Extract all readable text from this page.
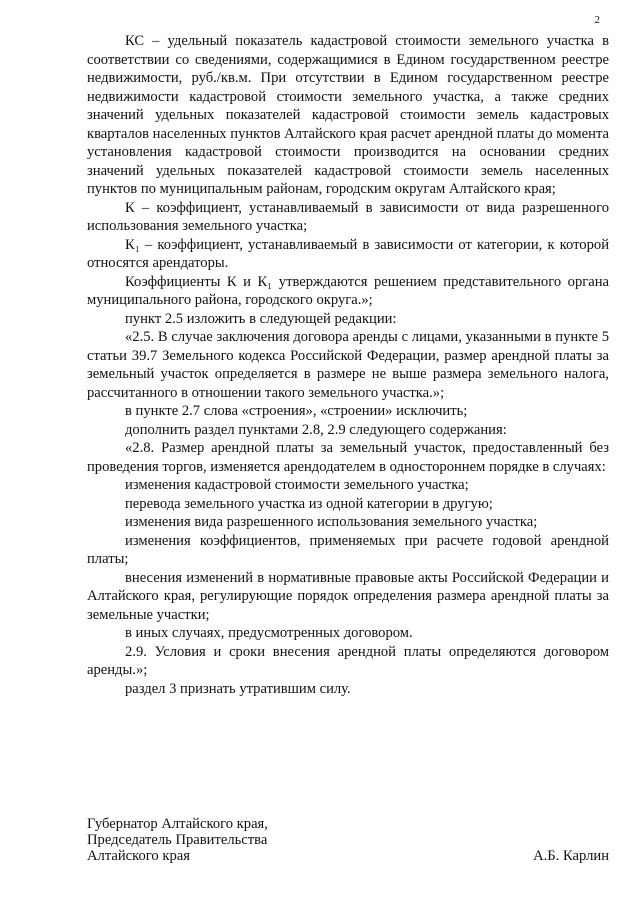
2

КС – удельный показатель кадастровой стоимости земельного участка в соответствии со сведениями, содержащимися в Едином государственном реестре недвижимости, руб./кв.м. При отсутствии в Едином государственном реестре недвижимости кадастровой стоимости земельного участка, а также средних значений удельных показателей кадастровой стоимости земель кадастровых кварталов населенных пунктов Алтайского края расчет арендной платы до момента установления кадастровой стоимости производится на основании средних значений удельных показателей кадастровой стоимости земель населенных пунктов по муниципальным районам, городским округам Алтайского края;

К – коэффициент, устанавливаемый в зависимости от вида разрешенного использования земельного участка;

К₁ – коэффициент, устанавливаемый в зависимости от категории, к которой относятся арендаторы.

Коэффициенты К и К₁ утверждаются решением представительного органа муниципального района, городского округа.»;

пункт 2.5 изложить в следующей редакции:

«2.5. В случае заключения договора аренды с лицами, указанными в пункте 5 статьи 39.7 Земельного кодекса Российской Федерации, размер арендной платы за земельный участок определяется в размере не выше размера земельного налога, рассчитанного в отношении такого земельного участка.»;

в пункте 2.7 слова «строения», «строении» исключить;

дополнить раздел пунктами 2.8, 2.9 следующего содержания:

«2.8. Размер арендной платы за земельный участок, предоставленный без проведения торгов, изменяется арендодателем в одностороннем порядке в случаях:

изменения кадастровой стоимости земельного участка;

перевода земельного участка из одной категории в другую;

изменения вида разрешенного использования земельного участка;

изменения коэффициентов, применяемых при расчете годовой арендной платы;

внесения изменений в нормативные правовые акты Российской Федерации и Алтайского края, регулирующие порядок определения размера арендной платы за земельные участки;

в иных случаях, предусмотренных договором.

2.9. Условия и сроки внесения арендной платы определяются договором аренды.»;

раздел 3 признать утратившим силу.

Губернатор Алтайского края,
Председатель Правительства
Алтайского края	А.Б. Карлин
